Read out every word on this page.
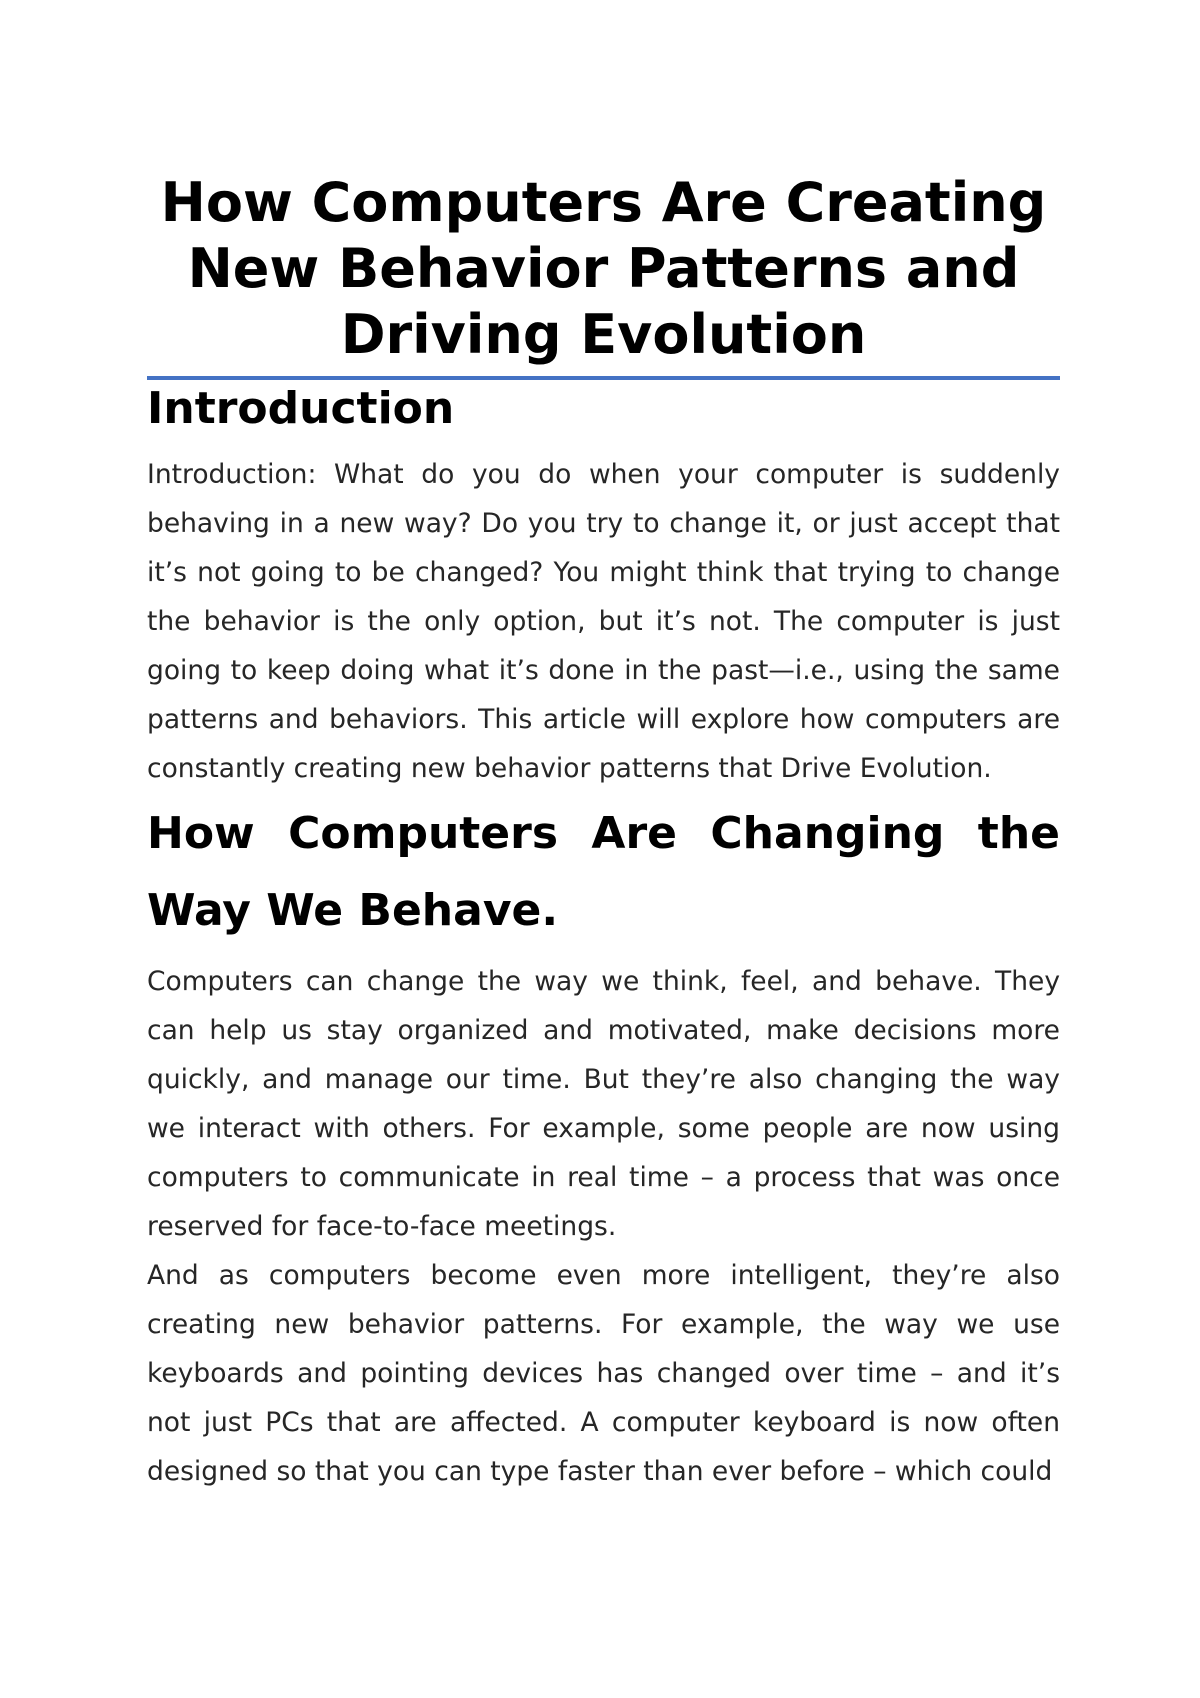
How Computers Are Creating New Behavior Patterns and Driving Evolution
Introduction

Introduction: What do you do when your computer is suddenly behaving in a new way? Do you try to change it, or just accept that it’s not going to be changed? You might think that trying to change the behavior is the only option, but it’s not. The computer is just going to keep doing what it’s done in the past—i.e., using the same patterns and behaviors. This article will explore how computers are constantly creating new behavior patterns that Drive Evolution.

How Computers Are Changing the Way We Behave.

Computers can change the way we think, feel, and behave. They can help us stay organized and motivated, make decisions more quickly, and manage our time. But they’re also changing the way we interact with others. For example, some people are now using computers to communicate in real time – a process that was once reserved for face-to-face meetings.

And as computers become even more intelligent, they’re also creating new behavior patterns. For example, the way we use keyboards and pointing devices has changed over time – and it’s not just PCs that are affected. A computer keyboard is now often designed so that you can type faster than ever before – which could
